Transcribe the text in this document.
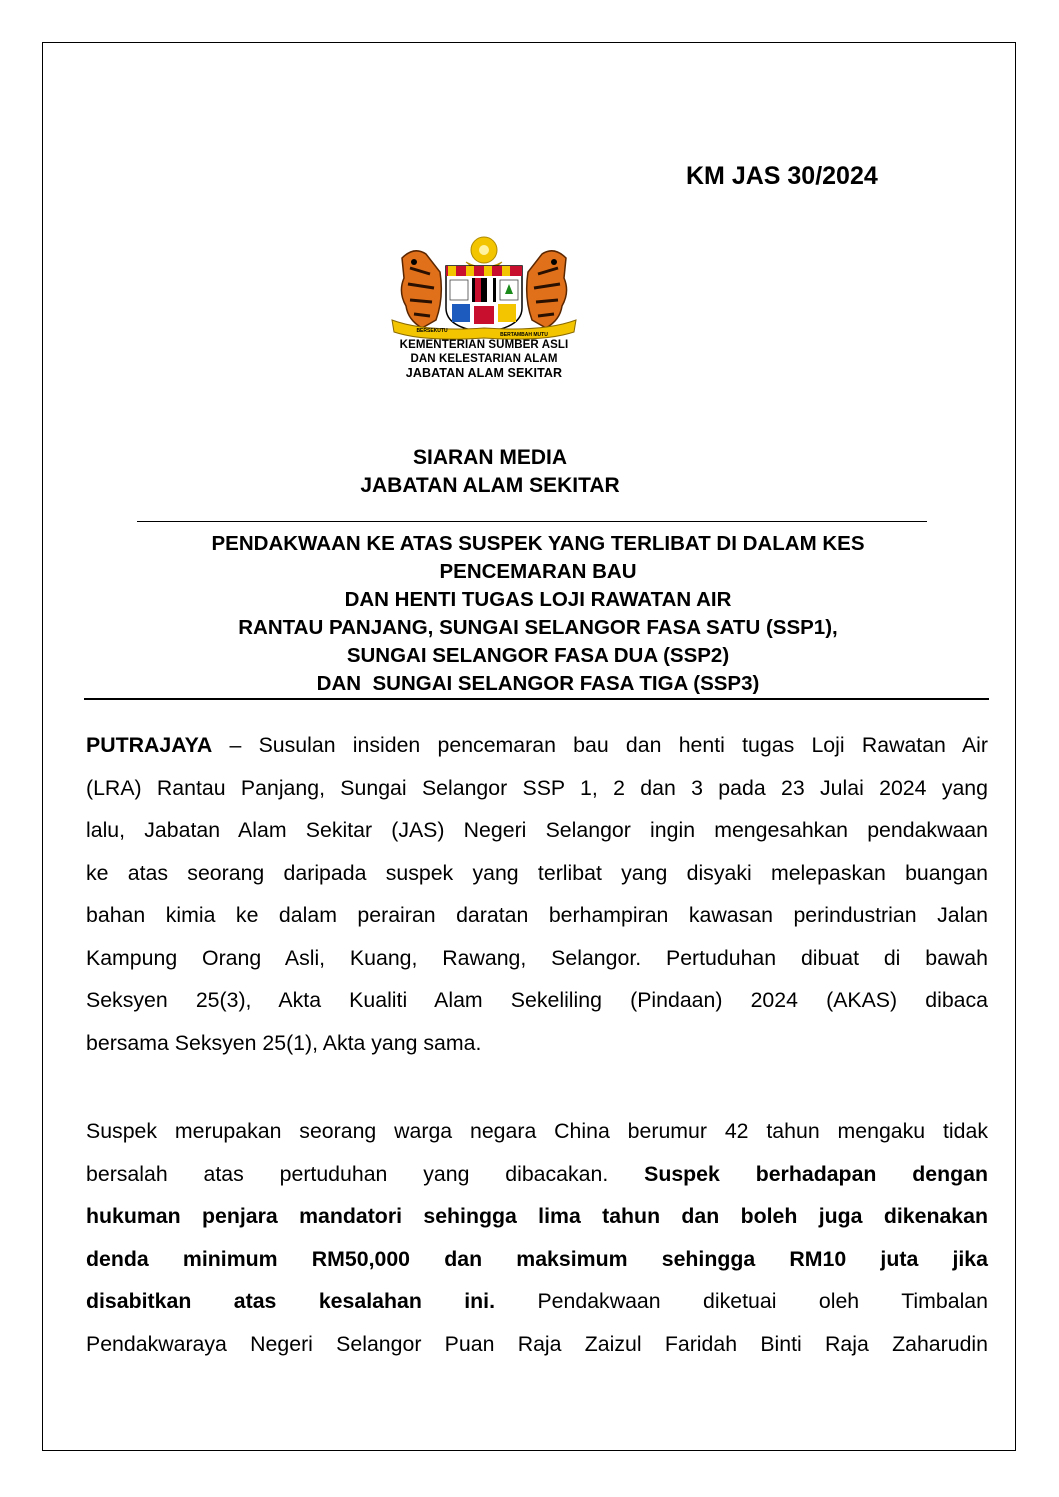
KM JAS 30/2024
BERSEKUTU
BERTAMBAH MUTU
KEMENTERIAN SUMBER ASLI
DAN KELESTARIAN ALAM
JABATAN ALAM SEKITAR
SIARAN MEDIA
JABATAN ALAM SEKITAR
PENDAKWAAN KE ATAS SUSPEK YANG TERLIBAT DI DALAM KES
PENCEMARAN BAU
DAN HENTI TUGAS LOJI RAWATAN AIR
RANTAU PANJANG, SUNGAI SELANGOR FASA SATU (SSP1),
SUNGAI SELANGOR FASA DUA (SSP2)
DAN  SUNGAI SELANGOR FASA TIGA (SSP3)
PUTRAJAYA – Susulan insiden pencemaran bau dan henti tugas Loji Rawatan Air
(LRA) Rantau Panjang, Sungai Selangor SSP 1, 2 dan 3 pada 23 Julai 2024 yang
lalu, Jabatan Alam Sekitar (JAS) Negeri Selangor ingin mengesahkan pendakwaan
ke atas seorang daripada suspek yang terlibat yang disyaki melepaskan buangan
bahan kimia ke dalam perairan daratan berhampiran kawasan perindustrian Jalan
Kampung Orang Asli, Kuang, Rawang, Selangor. Pertuduhan dibuat di bawah
Seksyen 25(3), Akta Kualiti Alam Sekeliling (Pindaan) 2024 (AKAS) dibaca
bersama Seksyen 25(1), Akta yang sama.
Suspek merupakan seorang warga negara China berumur 42 tahun mengaku tidak
bersalah atas pertuduhan yang dibacakan. Suspek berhadapan dengan
hukuman penjara mandatori sehingga lima tahun dan boleh juga dikenakan
denda minimum RM50,000 dan maksimum sehingga RM10 juta jika
disabitkan atas kesalahan ini. Pendakwaan diketuai oleh Timbalan
Pendakwaraya Negeri Selangor Puan Raja Zaizul Faridah Binti Raja Zaharudin
